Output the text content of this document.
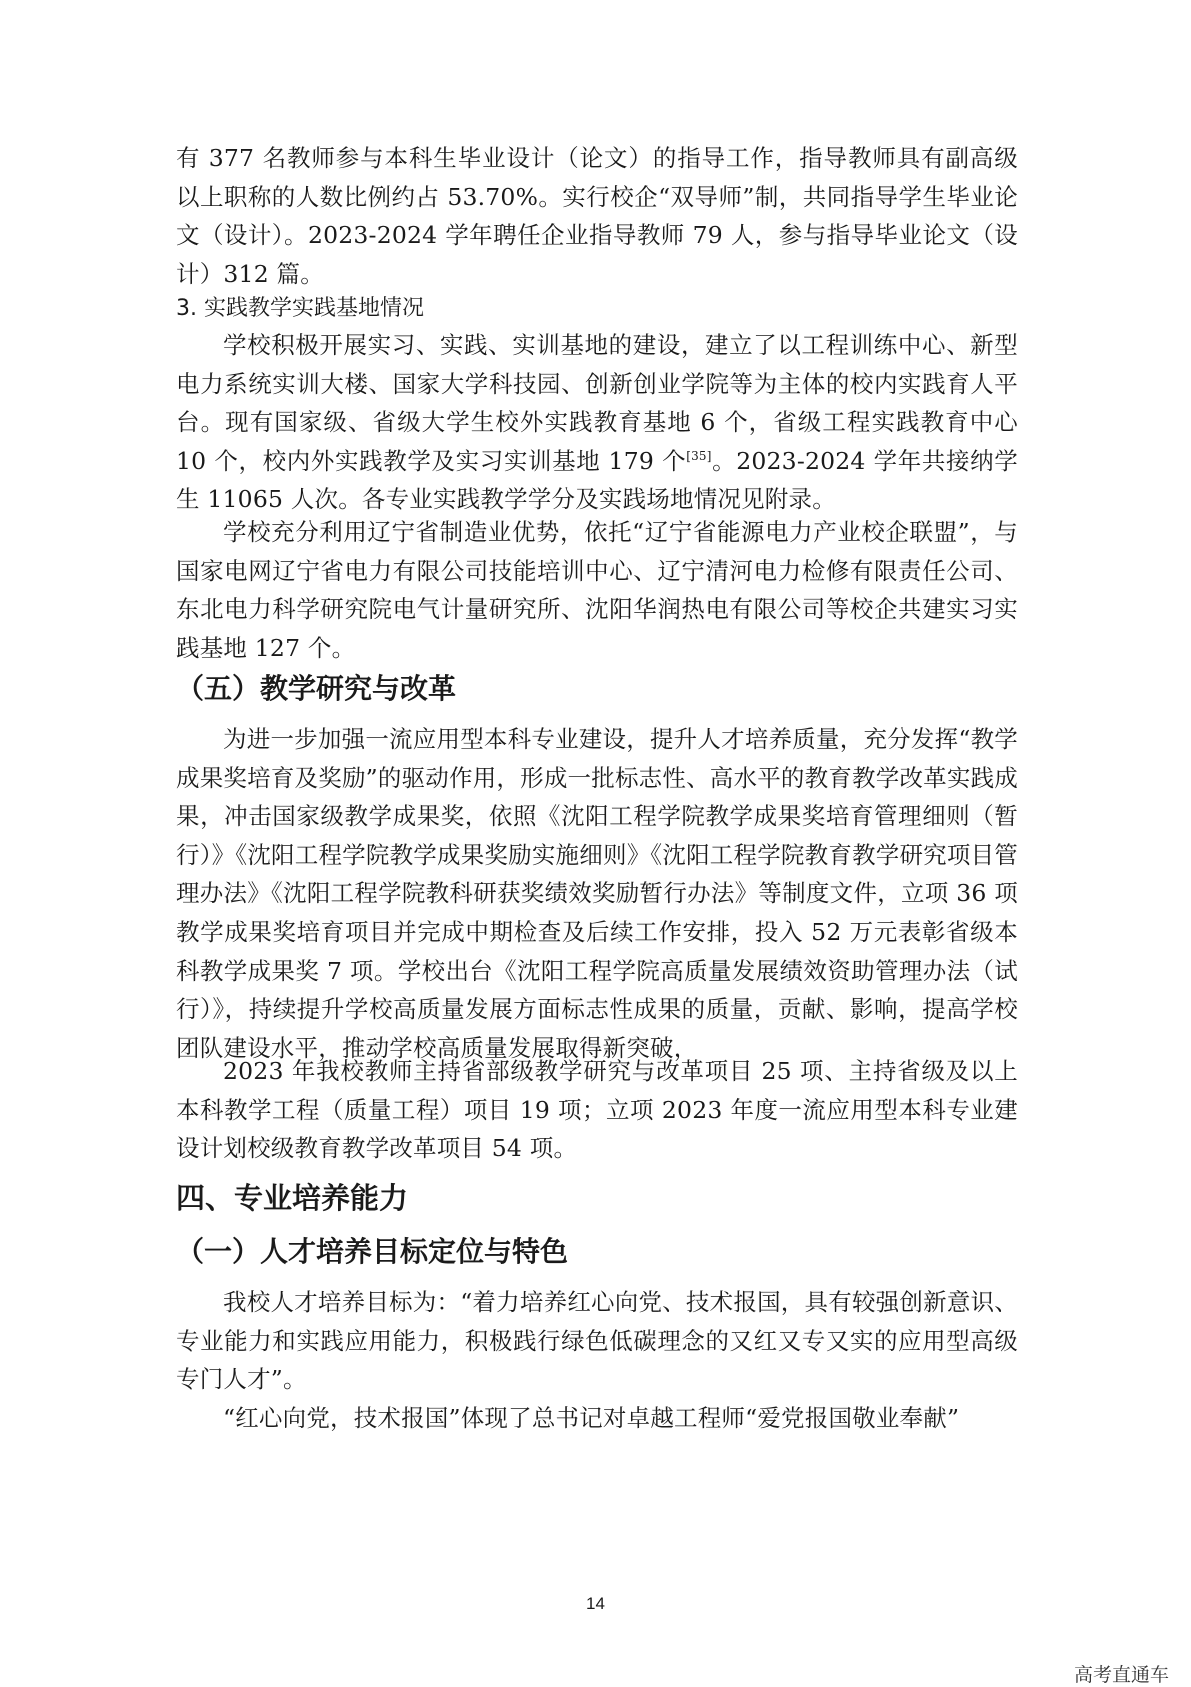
有 377 名教师参与本科生毕业设计（论文）的指导工作，指导教师具有副高级以上职称的人数比例约占 53.70%。实行校企“双导师”制，共同指导学生毕业论文（设计）。2023-2024 学年聘任企业指导教师 79 人，参与指导毕业论文（设计）312 篇。

3. 实践教学实践基地情况

学校积极开展实习、实践、实训基地的建设，建立了以工程训练中心、新型电力系统实训大楼、国家大学科技园、创新创业学院等为主体的校内实践育人平台。现有国家级、省级大学生校外实践教育基地 6 个，省级工程实践教育中心 10 个，校内外实践教学及实习实训基地 179 个[35]。2023-2024 学年共接纳学生 11065 人次。各专业实践教学学分及实践场地情况见附录。

学校充分利用辽宁省制造业优势，依托“辽宁省能源电力产业校企联盟”，与国家电网辽宁省电力有限公司技能培训中心、辽宁清河电力检修有限责任公司、东北电力科学研究院电气计量研究所、沈阳华润热电有限公司等校企共建实习实践基地 127 个。

（五）教学研究与改革

为进一步加强一流应用型本科专业建设，提升人才培养质量，充分发挥“教学成果奖培育及奖励”的驱动作用，形成一批标志性、高水平的教育教学改革实践成果，冲击国家级教学成果奖，依照《沈阳工程学院教学成果奖培育管理细则（暂行）》《沈阳工程学院教学成果奖励实施细则》《沈阳工程学院教育教学研究项目管理办法》《沈阳工程学院教科研获奖绩效奖励暂行办法》等制度文件，立项 36 项教学成果奖培育项目并完成中期检查及后续工作安排，投入 52 万元表彰省级本科教学成果奖 7 项。学校出台《沈阳工程学院高质量发展绩效资助管理办法（试行）》，持续提升学校高质量发展方面标志性成果的质量，贡献、影响，提高学校团队建设水平，推动学校高质量发展取得新突破，

2023 年我校教师主持省部级教学研究与改革项目 25 项、主持省级及以上本科教学工程（质量工程）项目 19 项；立项 2023 年度一流应用型本科专业建设计划校级教育教学改革项目 54 项。

四、专业培养能力
（一）人才培养目标定位与特色

我校人才培养目标为：“着力培养红心向党、技术报国，具有较强创新意识、专业能力和实践应用能力，积极践行绿色低碳理念的又红又专又实的应用型高级专门人才”。

“红心向党，技术报国”体现了总书记对卓越工程师“爱党报国敬业奉献”

14
高考直通车
